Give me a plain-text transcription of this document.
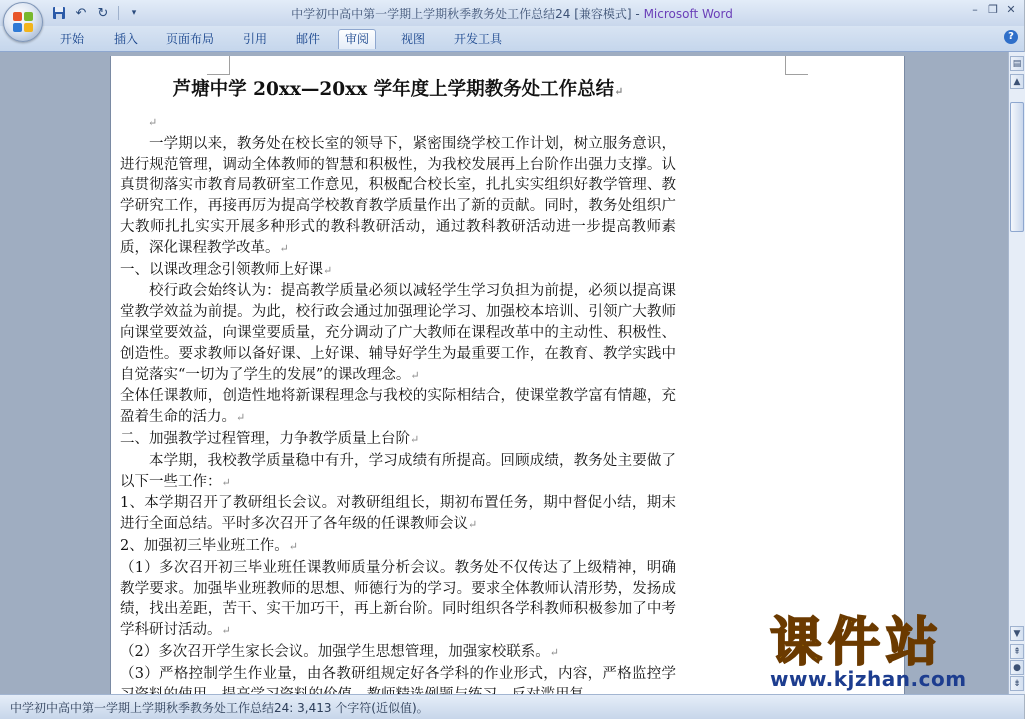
↶ ↻	▾	中学初中高中第一学期上学期秋季教务处工作总结24 [兼容模式] - Microsoft Word	– ❐ ✕
开始	插入	页面布局	引用	邮件	审阅	视图	开发工具	?

芦塘中学 20xx—20xx 学年度上学期教务处工作总结↵

↵

一学期以来，教务处在校长室的领导下，紧密围绕学校工作计划，树立服务意识，进行规范管理，调动全体教师的智慧和积极性，为我校发展再上台阶作出强力支撑。认真贯彻落实市教育局教研室工作意见，积极配合校长室，扎扎实实组织好教学管理、教学研究工作，再接再厉为提高学校教育教学质量作出了新的贡献。同时，教务处组织广大教师扎扎实实开展多种形式的教科教研活动，通过教科教研活动进一步提高教师素质，深化课程教学改革。↵

一、以课改理念引领教师上好课↵

校行政会始终认为：提高教学质量必须以减轻学生学习负担为前提，必须以提高课堂教学效益为前提。为此，校行政会通过加强理论学习、加强校本培训、引领广大教师向课堂要效益，向课堂要质量，充分调动了广大教师在课程改革中的主动性、积极性、创造性。要求教师以备好课、上好课、辅导好学生为最重要工作，在教育、教学实践中自觉落实“一切为了学生的发展”的课改理念。↵

全体任课教师，创造性地将新课程理念与我校的实际相结合，使课堂教学富有情趣，充盈着生命的活力。↵

二、加强教学过程管理，力争教学质量上台阶↵

本学期，我校教学质量稳中有升，学习成绩有所提高。回顾成绩，教务处主要做了以下一些工作：↵

1、本学期召开了教研组长会议。对教研组组长，期初布置任务，期中督促小结，期末进行全面总结。平时多次召开了各年级的任课教师会议↵

2、加强初三毕业班工作。↵

（1）多次召开初三毕业班任课教师质量分析会议。教务处不仅传达了上级精神，明确教学要求。加强毕业班教师的思想、师德行为的学习。要求全体教师认清形势，发扬成绩，找出差距，苦干、实干加巧干，再上新台阶。同时组织各学科教师积极参加了中考学科研讨活动。↵

（2）多次召开学生家长会议。加强学生思想管理，加强家校联系。↵

（3）严格控制学生作业量，由各教研组规定好各学科的作业形式，内容，严格监控学

▤
▲
▼
⇞
●
⇟
课件站
www.kjzhan.com
中学初中高中第一学期上学期秋季教务处工作总结24: 3,413 个字符(近似值)。
